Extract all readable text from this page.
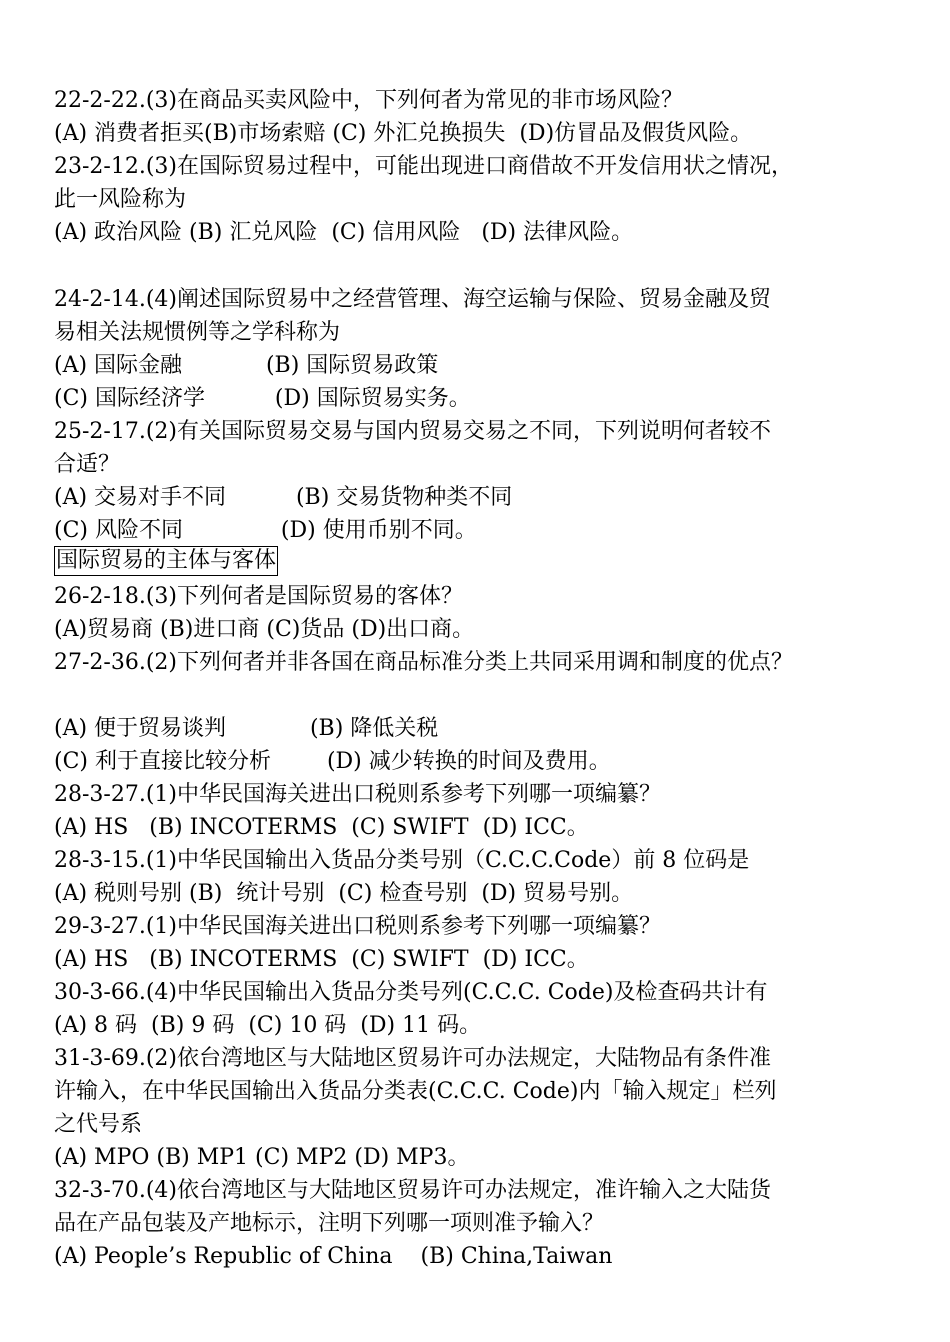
22-2-22.(3)在商品买卖风险中，下列何者为常见的非市场风险？
(A) 消费者拒买(B)市场索赔 (C) 外汇兑换损失  (D)仿冒品及假货风险。
23-2-12.(3)在国际贸易过程中，可能出现进口商借故不开发信用状之情况，
此一风险称为
(A) 政治风险 (B) 汇兑风险  (C) 信用风险   (D) 法律风险。
24-2-14.(4)阐述国际贸易中之经营管理、海空运输与保险、贸易金融及贸
易相关法规惯例等之学科称为
(A) 国际金融            (B) 国际贸易政策
(C) 国际经济学          (D) 国际贸易实务。
25-2-17.(2)有关国际贸易交易与国内贸易交易之不同，下列说明何者较不
合适？
(A) 交易对手不同          (B) 交易货物种类不同
(C) 风险不同              (D) 使用币别不同。
国际贸易的主体与客体
26-2-18.(3)下列何者是国际贸易的客体？
(A)贸易商 (B)进口商 (C)货品 (D)出口商。
27-2-36.(2)下列何者并非各国在商品标准分类上共同采用调和制度的优点？
(A) 便于贸易谈判            (B) 降低关税
(C) 利于直接比较分析        (D) 减少转换的时间及费用。
28-3-27.(1)中华民国海关进出口税则系参考下列哪一项编纂？
(A) HS   (B) INCOTERMS  (C) SWIFT  (D) ICC。
28-3-15.(1)中华民国输出入货品分类号别（C.C.C.Code）前 8 位码是
(A) 税则号别 (B)  统计号别  (C) 检查号别  (D) 贸易号别。
29-3-27.(1)中华民国海关进出口税则系参考下列哪一项编纂？
(A) HS   (B) INCOTERMS  (C) SWIFT  (D) ICC。
30-3-66.(4)中华民国输出入货品分类号列(C.C.C. Code)及检查码共计有
(A) 8 码  (B) 9 码  (C) 10 码  (D) 11 码。
31-3-69.(2)依台湾地区与大陆地区贸易许可办法规定，大陆物品有条件准
许输入，在中华民国输出入货品分类表(C.C.C. Code)内「输入规定」栏列
之代号系
(A) MPO (B) MP1 (C) MP2 (D) MP3。
32-3-70.(4)依台湾地区与大陆地区贸易许可办法规定，准许输入之大陆货
品在产品包装及产地标示，注明下列哪一项则准予输入？
(A) People’s Republic of China    (B) China,Taiwan
